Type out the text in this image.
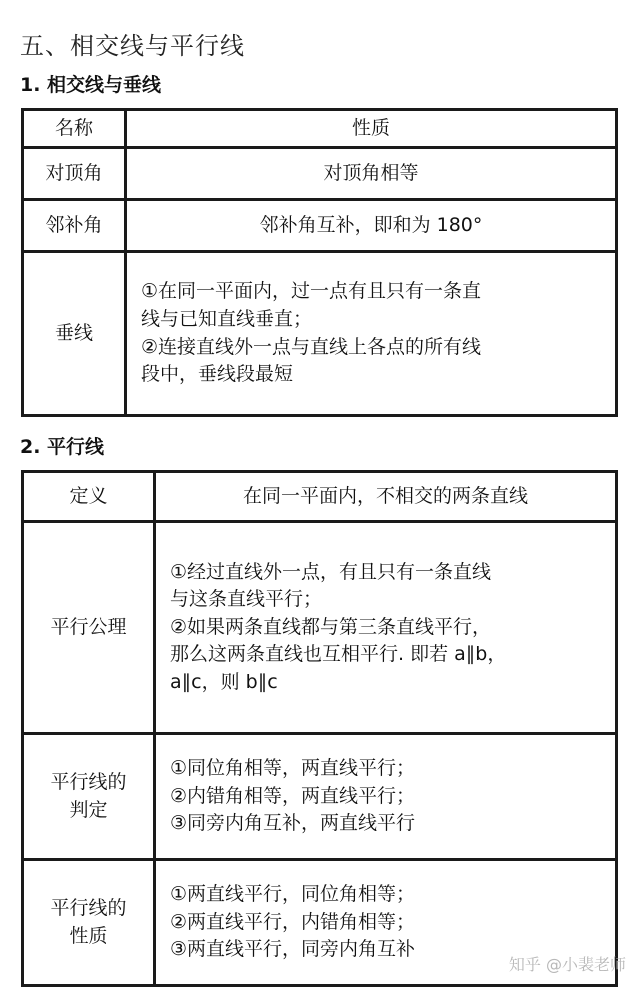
五、相交线与平行线
1. 相交线与垂线
名称	性质
对顶角	对顶角相等
邻补角	邻补角互补，即和为 180°
垂线	①在同一平面内，过一点有且只有一条直
线与已知直线垂直；
②连接直线外一点与直线上各点的所有线
段中，垂线段最短
2. 平行线
定义	在同一平面内，不相交的两条直线
平行公理	①经过直线外一点，有且只有一条直线
与这条直线平行；
②如果两条直线都与第三条直线平行，
那么这两条直线也互相平行. 即若 a∥b，
a∥c，则 b∥c

平行线的
判定	①同位角相等，两直线平行；
②内错角相等，两直线平行；
③同旁内角互补，两直线平行

平行线的
性质	①两直线平行，同位角相等；
②两直线平行，内错角相等；
③两直线平行，同旁内角互补
知乎 @小裴老师
